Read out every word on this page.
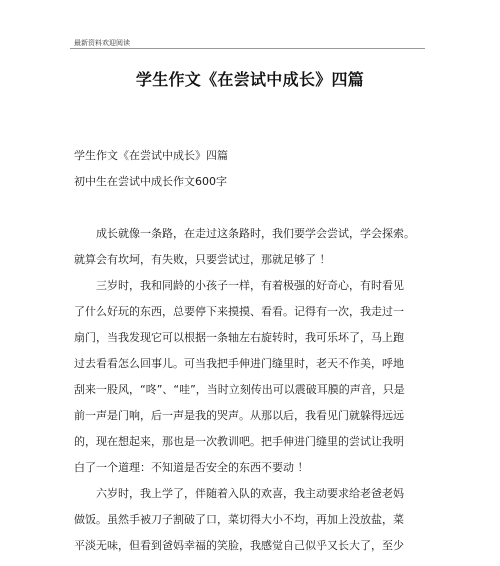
最新资料欢迎阅读
学生作文《在尝试中成长》四篇
学生作文《在尝试中成长》四篇
初中生在尝试中成长作文600字
成长就像一条路，在走过这条路时，我们要学会尝试，学会探索。
就算会有坎坷，有失败，只要尝试过，那就足够了 ！
三岁时，我和同龄的小孩子一样，有着极强的好奇心，有时看见
了什么好玩的东西，总要停下来摸摸、看看。记得有一次，我走过一
扇门，当我发现它可以根据一条轴左右旋转时，我可乐坏了，马上跑
过去看看怎么回事儿。可当我把手伸进门缝里时，老天不作美，呼地
刮来一股风，“咚”、“哇”，当时立刻传出可以震破耳膜的声音，只是
前一声是门响，后一声是我的哭声。从那以后，我看见门就躲得远远
的，现在想起来，那也是一次教训吧。把手伸进门缝里的尝试让我明
白了一个道理：不知道是否安全的东西不要动 ！
六岁时，我上学了，伴随着入队的欢喜，我主动要求给老爸老妈
做饭。虽然手被刀子割破了口，菜切得大小不均，再加上没放盐，菜
平淡无味，但看到爸妈幸福的笑脸，我感觉自己似乎又长大了，至少
